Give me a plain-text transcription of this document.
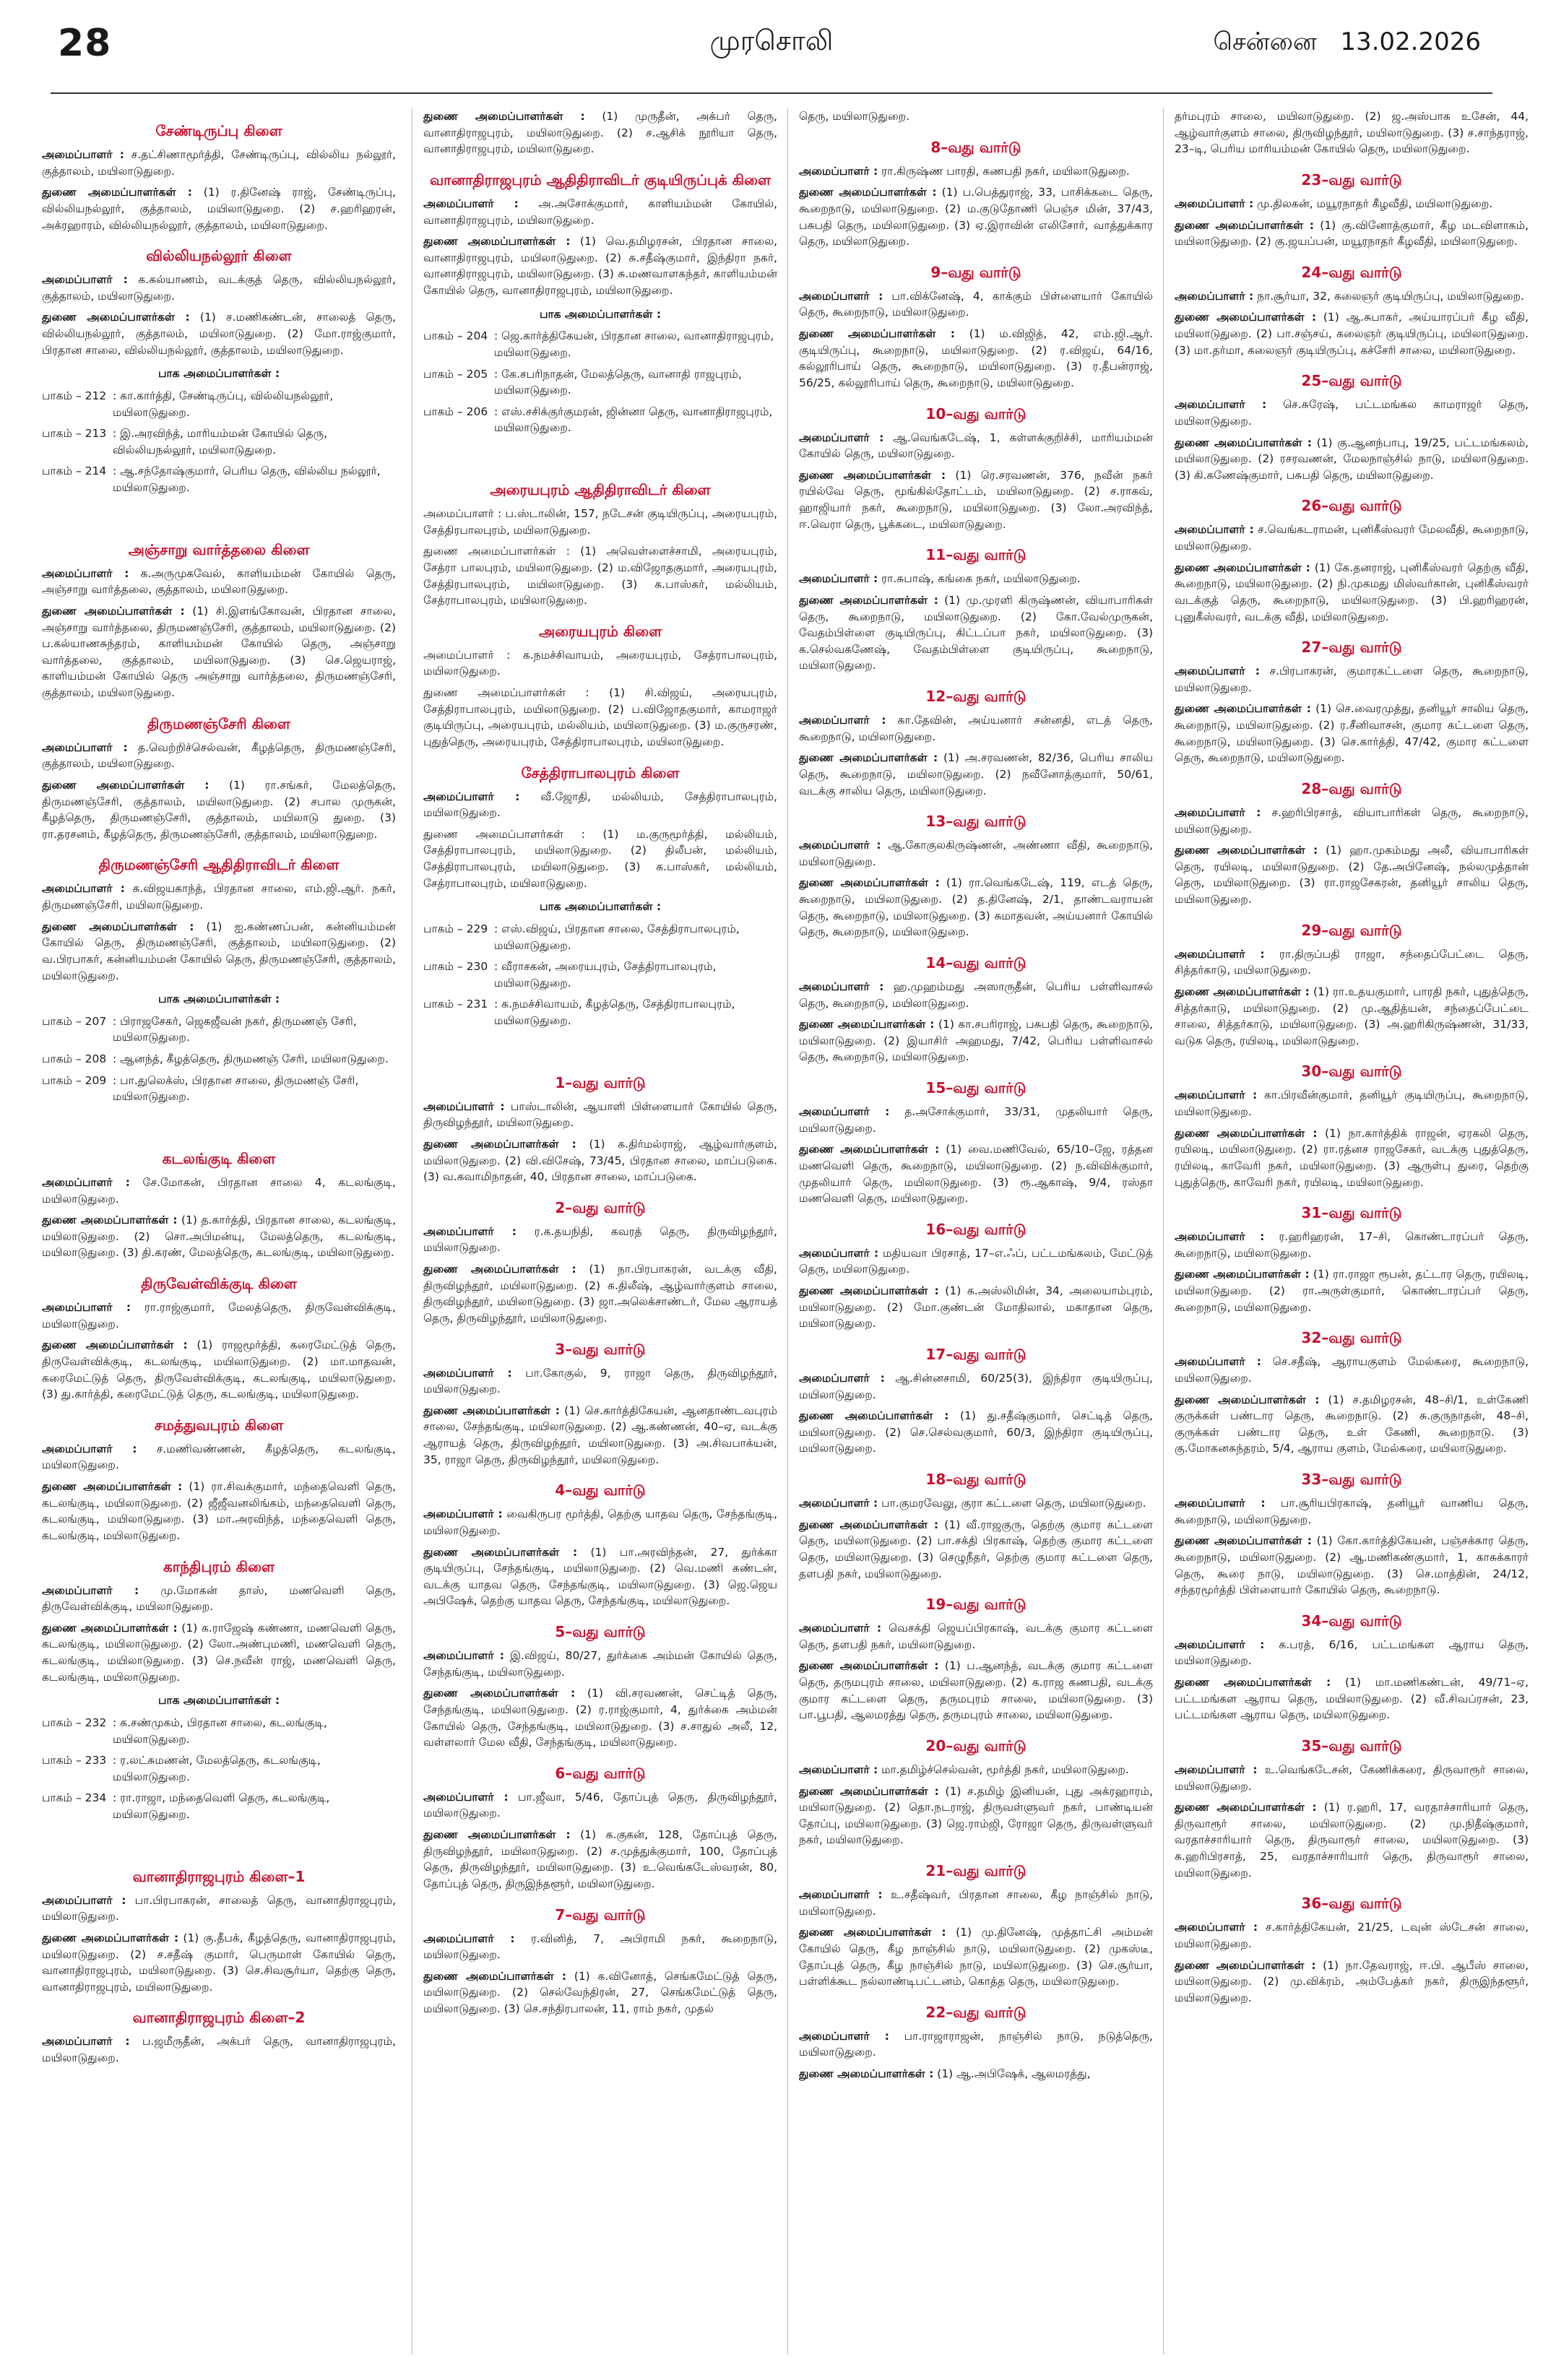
28	முரசொலி	சென்னை 13.02.2026
சேண்டிருப்பு கிளை

அமைப்பாளர் : ச.தட்சிணாமூர்த்தி, சேண்டிருப்பு, வில்லிய நல்லூர், குத்தாலம், மயிலாடுதுறை.

துணை அமைப்பாளர்கள் : (1) ர.தினேஷ் ராஜ், சேண்டிருப்பு, வில்லியநல்லூர், குத்தாலம், மயிலாடுதுறை. (2) ச.ஹரிஹரன், அக்ரஹாரம், வில்லியநல்லூர், குத்தாலம், மயிலாடுதுறை.

வில்லியநல்லூர் கிளை

அமைப்பாளர் : க.கல்யாணம், வடக்குத் தெரு, வில்லியநல்லூர், குத்தாலம், மயிலாடுதுறை.

துணை அமைப்பாளர்கள் : (1) ச.மணிகண்டன், சாலைத் தெரு, வில்லியநல்லூர், குத்தாலம், மயிலாடுதுறை. (2) மோ.ராஜ்குமார், பிரதான சாலை, வில்லியநல்லூர், குத்தாலம், மயிலாடுதுறை.

பாக அமைப்பாளர்கள் :
பாகம் – 212 : கா.கார்த்தி, சேண்டிருப்பு, வில்லியநல்லூர், மயிலாடுதுறை.
பாகம் – 213 : இ.அரவிந்த், மாரியம்மன் கோயில் தெரு, வில்லியநல்லூர், மயிலாடுதுறை.
பாகம் – 214 : ஆ.சந்தோஷ்குமார், பெரிய தெரு, வில்லிய நல்லூர், மயிலாடுதுறை.
அஞ்சாறு வார்த்தலை கிளை

அமைப்பாளர் : க.அருமுகவேல், காளியம்மன் கோயில் தெரு, அஞ்சாறு வார்த்தலை, குத்தாலம், மயிலாடுதுறை.

துணை அமைப்பாளர்கள் : (1) சி.இளங்கோவன், பிரதான சாலை, அஞ்சாறு வார்த்தலை, திருமணஞ்சேரி, குத்தாலம், மயிலாடுதுறை. (2) ப.கல்யாணசுந்தரம், காளியம்மன் கோயில் தெரு, அஞ்சாறு வார்த்தலை, குத்தாலம், மயிலாடுதுறை. (3) செ.ஜெயராஜ், காளியம்மன் கோயில் தெரு அஞ்சாறு வார்த்தலை, திருமணஞ்சேரி, குத்தாலம், மயிலாடுதுறை.

திருமணஞ்சேரி கிளை

அமைப்பாளர் : த.வெற்றிச்செல்வன், கீழத்தெரு, திருமணஞ்சேரி, குத்தாலம், மயிலாடுதுறை.

துணை அமைப்பாளர்கள் : (1) ரா.சங்கர், மேலத்தெரு, திருமணஞ்சேரி, குத்தாலம், மயிலாடுதுறை. (2) சபால முருகன், கீழத்தெரு, திருமணஞ்சேரி, குத்தாலம், மயிலாடு துறை. (3) ரா.தரசனம், கீழத்தெரு, திருமணஞ்சேரி, குத்தாலம், மயிலாடுதுறை.

திருமணஞ்சேரி ஆதிதிராவிடர் கிளை

அமைப்பாளர் : க.விஜயகாந்த், பிரதான சாலை, எம்.ஜி.ஆர். நகர், திருமணஞ்சேரி, மயிலாடுதுறை.

துணை அமைப்பாளர்கள் : (1) ஐ.கண்ணப்பன், கன்னியம்மன் கோயில் தெரு, திருமணஞ்சேரி, குத்தாலம், மயிலாடுதுறை. (2) வ.பிரபாகர், கன்னியம்மன் கோயில் தெரு, திருமணஞ்சேரி, குத்தாலம், மயிலாடுதுறை.

பாக அமைப்பாளர்கள் :
பாகம் – 207 : பிராஜசேகர், ஜெகஜீவன் நகர், திருமணஞ் சேரி, மயிலாடுதுறை.
பாகம் – 208 : ஆனந்த், கீழத்தெரு, திருமணஞ் சேரி, மயிலாடுதுறை.
பாகம் – 209 : பா.துலெக்ஸ், பிரதான சாலை, திருமணஞ் சேரி, மயிலாடுதுறை.
கடலங்குடி கிளை

அமைப்பாளர் : சே.மோகன், பிரதான சாலை 4, கடலங்குடி, மயிலாடுதுறை.

துணை அமைப்பாளர்கள் : (1) த.கார்த்தி, பிரதான சாலை, கடலங்குடி, மயிலாடுதுறை. (2) சொ.அபிமன்யு, மேலத்தெரு, கடலங்குடி, மயிலாடுதுறை. (3) தி.கரண், மேலத்தெரு, கடலங்குடி, மயிலாடுதுறை.

திருவேள்விக்குடி கிளை

அமைப்பாளர் : ரா.ராஜ்குமார், மேலத்தெரு, திருவேள்விக்குடி, மயிலாடுதுறை.

துணை அமைப்பாளர்கள் : (1) ராஜமூர்த்தி, கரைமேட்டுத் தெரு, திருவேள்விக்குடி, கடலங்குடி, மயிலாடுதுறை. (2) மா.மாதவன், கரைமேட்டுத் தெரு, திருவேள்விக்குடி, கடலங்குடி, மயிலாடுதுறை. (3) து.கார்த்தி, கரைமேட்டுத் தெரு, கடலங்குடி, மயிலாடுதுறை.

சமத்துவபுரம் கிளை

அமைப்பாளர் : ச.மணிவண்ணன், கீழத்தெரு, கடலங்குடி, மயிலாடுதுறை.

துணை அமைப்பாளர்கள் : (1) ரா.சிவக்குமார், மந்தைவெளி தெரு, கடலங்குடி, மயிலாடுதுறை. (2) ஜீஜீவனலிங்கம், மந்தைவெளி தெரு, கடலங்குடி, மயிலாடுதுறை. (3) மா.அரவிந்த், மந்தைவெளி தெரு, கடலங்குடி, மயிலாடுதுறை.

காந்திபுரம் கிளை

அமைப்பாளர் : மு.மோகன் தாஸ், மணவெளி தெரு, திருவேள்விக்குடி, மயிலாடுதுறை.

துணை அமைப்பாளர்கள் : (1) க.ராஜேஷ் கண்ணா, மணவெளி தெரு, கடலங்குடி, மயிலாடுதுறை. (2) லோ.அண்புமணி, மணவெளி தெரு, கடலங்குடி, மயிலாடுதுறை. (3) செ.நவீன் ராஜ், மணவெளி தெரு, கடலங்குடி, மயிலாடுதுறை.

பாக அமைப்பாளர்கள் :
பாகம் – 232 : க.சண்முகம், பிரதான சாலை, கடலங்குடி, மயிலாடுதுறை.
பாகம் – 233 : ர.லட்சுமணன், மேலத்தெரு, கடலங்குடி, மயிலாடுதுறை.
பாகம் – 234 : ரா.ராஜா, மந்தைவெளி தெரு, கடலங்குடி, மயிலாடுதுறை.
வானாதிராஜபுரம் கிளை–1

அமைப்பாளர் : பா.பிரபாகரன், சாலைத் தெரு, வானாதிராஜபுரம், மயிலாடுதுறை.

துணை அமைப்பாளர்கள் : (1) கு.தீபக், கீழத்தெரு, வானாதிராஜபுரம், மயிலாடுதுறை. (2) ச.சதீஷ் குமார், பெருமாள் கோயில் தெரு, வானாதிராஜபுரம், மயிலாடுதுறை. (3) செ.சிவசூர்யா, தெற்கு தெரு, வானாதிராஜபுரம், மயிலாடுதுறை.

வானாதிராஜபுரம் கிளை–2

அமைப்பாளர் : ப.ஜமீருதீன், அக்பர் தெரு, வானாதிராஜபுரம், மயிலாடுதுறை.

துணை அமைப்பாளர்கள் : (1) முருதீன், அக்பர் தெரு, வானாதிராஜபுரம், மயிலாடுதுறை. (2) ச.ஆசிக் நூரியா தெரு, வானாதிராஜபுரம், மயிலாடுதுறை.

வானாதிராஜபுரம் ஆதிதிராவிடர் குடியிருப்புக் கிளை

அமைப்பாளர் : அ.அசோக்குமார், காளியம்மன் கோயில், வானாதிராஜபுரம், மயிலாடுதுறை.

துணை அமைப்பாளர்கள் : (1) வெ.தமிழரசன், பிரதான சாலை, வானாதிராஜபுரம், மயிலாடுதுறை. (2) சு.சதீஷ்குமார், இந்திரா நகர், வானாதிராஜபுரம், மயிலாடுதுறை. (3) சு.மணவாளகந்தர், காளியம்மன் கோயில் தெரு, வானாதிராஜபுரம், மயிலாடுதுறை.

பாக அமைப்பாளர்கள் :
பாகம் – 204 : ஜெ.கார்த்திகேயன், பிரதான சாலை, வானாதிராஜபுரம், மயிலாடுதுறை.
பாகம் – 205 : கே.சபரிநாதன், மேலத்தெரு, வானாதி ராஜபுரம், மயிலாடுதுறை.
பாகம் – 206 : எஸ்.சசிக்குர்குமரன், ஜின்னா தெரு, வானாதிராஜபுரம், மயிலாடுதுறை.
அரையபுரம் ஆதிதிராவிடர் கிளை

அமைப்பாளர் : ப.ஸ்டாலின், 157, நடேசன் குடியிருப்பு, அரையபுரம், சேத்திரபாலபுரம், மயிலாடுதுறை.

துணை அமைப்பாளர்கள் : (1) அவெள்ளைச்சாமி, அரையபுரம், சேத்ரா பாலபுரம், மயிலாடுதுறை. (2) ம.விஜோதகுமார், அரையபுரம், சேத்திரபாலபுரம், மயிலாடுதுறை. (3) க.பாஸ்கர், மல்லியம், சேத்ராபாலபுரம், மயிலாடுதுறை.

அரையபுரம் கிளை

அமைப்பாளர் : க.நமச்சிவாயம், அரையபுரம், சேத்ராபாலபுரம், மயிலாடுதுறை.

துணை அமைப்பாளர்கள் : (1) சி.விஜய், அரையபுரம், சேத்திராபாலபுரம், மயிலாடுதுறை. (2) ப.விஜோதகுமார், காமராஜர் குடியிருப்பு, அரையபுரம், மல்லியம், மயிலாடுதுறை. (3) ம.குருசரண், புதுத்தெரு, அரையபுரம், சேத்திராபாலபுரம், மயிலாடுதுறை.

சேத்திராபாலபுரம் கிளை

அமைப்பாளர் : வீ.ஜோதி, மல்லியம், சேத்திராபாலபுரம், மயிலாடுதுறை.

துணை அமைப்பாளர்கள் : (1) ம.குருமூர்த்தி, மல்லியம், சேத்திராபாலபுரம், மயிலாடுதுறை. (2) திலீபன், மல்லியம், சேத்திராபாலபுரம், மயிலாடுதுறை. (3) க.பாஸ்கர், மல்லியம், சேத்ராபாலபுரம், மயிலாடுதுறை.

பாக அமைப்பாளர்கள் :
பாகம் – 229 : எஸ்.விஜய், பிரதான சாலை, சேத்திராபாலபுரம், மயிலாடுதுறை.
பாகம் – 230 : வீராசகன், அரையபுரம், சேத்திராபாலபுரம், மயிலாடுதுறை.
பாகம் – 231 : க.நமச்சிவாயம், கீழத்தெரு, சேத்திராபாலபுரம், மயிலாடுதுறை.
1–வது வார்டு

அமைப்பாளர் : பாஸ்டாலின், ஆயாளி பிள்ளையார் கோயில் தெரு, திருவிழந்தூர், மயிலாடுதுறை.

துணை அமைப்பாளர்கள் : (1) க.திர்மல்ராஜ், ஆழ்வார்குளம், மயிலாடுதுறை. (2) வி.விசேஷ், 73/45, பிரதான சாலை, மாப்படுகை. (3) வ.கவாமிநாதன், 40, பிரதான சாலை, மாப்படுகை.

2–வது வார்டு

அமைப்பாளர் : ர.க.தயநிதி, கவரத் தெரு, திருவிழந்தூர், மயிலாடுதுறை.

துணை அமைப்பாளர்கள் : (1) நா.பிரபாகரன், வடக்கு வீதி, திருவிழந்தூர், மயிலாடுதுறை. (2) க.திலீஷ், ஆழ்வார்குளம் சாலை, திருவிழந்தூர், மயிலாடுதுறை. (3) ஜா.அலெக்சாண்டர், மேல ஆராயத் தெரு, திருவிழந்தூர், மயிலாடுதுறை.

3–வது வார்டு

அமைப்பாளர் : பா.கோகுல், 9, ராஜா தெரு, திருவிழந்தூர், மயிலாடுதுறை.

துணை அமைப்பாளர்கள் : (1) செ.கார்த்திகேயன், ஆனதாண்டவபுரம் சாலை, சேந்தங்குடி, மயிலாடுதுறை. (2) ஆ.கண்ணன், 40–ஏ, வடக்கு ஆராயத் தெரு, திருவிழந்தூர், மயிலாடுதுறை. (3) அ.சிவபாக்யன், 35, ராஜா தெரு, திருவிழந்தூர், மயிலாடுதுறை.

4–வது வார்டு

அமைப்பாளர் : வைகிருபர மூர்த்தி, தெற்கு யாதவ தெரு, சேந்தங்குடி, மயிலாடுதுறை.

துணை அமைப்பாளர்கள் : (1) பா.அரவிந்தன், 27, துர்க்கா குடியிருப்பு, சேந்தங்குடி, மயிலாடுதுறை. (2) வெ.மணி கண்டன், வடக்கு யாதவ தெரு, சேந்தங்குடி, மயிலாடுதுறை. (3) ஜெ.ஜெய அபிஷேக், தெற்கு யாதவ தெரு, சேந்தங்குடி, மயிலாடுதுறை.

5–வது வார்டு

அமைப்பாளர் : இ.விஜய், 80/27, துர்க்கை அம்மன் கோயில் தெரு, சேந்தங்குடி, மயிலாடுதுறை.

துணை அமைப்பாளர்கள் : (1) வி.சரவணன், செட்டித் தெரு, சேந்தங்குடி, மயிலாடுதுறை. (2) ர.ராஜ்குமார், 4, துர்க்கை அம்மன் கோயில் தெரு, சேந்தங்குடி, மயிலாடுதுறை. (3) ச.சாதுல் அலீ, 12, வள்ளலார் மேல வீதி, சேந்தங்குடி, மயிலாடுதுறை.

6–வது வார்டு

அமைப்பாளர் : பா.ஜீவா, 5/46, தோப்புத் தெரு, திருவிழந்தூர், மயிலாடுதுறை.

துணை அமைப்பாளர்கள் : (1) க.குகன், 128, தோப்புத் தெரு, திருவிழந்தூர், மயிலாடுதுறை. (2) ச.முத்துக்குமார், 100, தோப்புத் தெரு, திருவிழந்தூர், மயிலாடுதுறை. (3) உ.வெங்கடேஸ்வரன், 80, தோப்புத் தெரு, திருஇந்தளூர், மயிலாடுதுறை.

7–வது வார்டு

அமைப்பாளர் : ர.வினித், 7, அபிராமி நகர், கூறைநாடு, மயிலாடுதுறை.

துணை அமைப்பாளர்கள் : (1) க.வினோத், செங்கமேட்டுத் தெரு, மயிலாடுதுறை. (2) செல்வேந்திரன், 27, செங்கமேட்டுத் தெரு, மயிலாடுதுறை. (3) செ.சந்திரபாலன், 11, ராம் நகர், முதல்

தெரு, மயிலாடுதுறை.

8–வது வார்டு

அமைப்பாளர் : ரா.கிருஷ்ண பாரதி, கணபதி நகர், மயிலாடுதுறை.

துணை அமைப்பாளர்கள் : (1) ப.பெத்துராஜ், 33, பாசிக்கடை தெரு, கூறைநாடு, மயிலாடுதுறை. (2) ம.குடுதோணி பெஞ்ச மின், 37/43, பசுபதி தெரு, மயிலாடுதுறை. (3) ஏ.இராவின் எலிசோர், வாத்துக்கார தெரு, மயிலாடுதுறை.

9–வது வார்டு

அமைப்பாளர் : பா.விக்னேஷ், 4, காக்கும் பிள்ளையார் கோயில் தெரு, கூறைநாடு, மயிலாடுதுறை.

துணை அமைப்பாளர்கள் : (1) ம.விஜித், 42, எம்.ஜி.ஆர். குடியிருப்பு, கூறைநாடு, மயிலாடுதுறை. (2) ர.விஜய், 64/16, கல்லூரிபாய் தெரு, கூறைநாடு, மயிலாடுதுறை. (3) ர.தீபன்ராஜ், 56/25, கல்லூரிபாய் தெரு, கூறைநாடு, மயிலாடுதுறை.

10–வது வார்டு

அமைப்பாளர் : ஆ.வெங்கடேஷ், 1, கள்ளக்குறிச்சி, மாரியம்மன் கோயில் தெரு, மயிலாடுதுறை.

துணை அமைப்பாளர்கள் : (1) ரெ.சரவணன், 376, நவீன் நகர் ரயில்வே தெரு, மூங்கில்தோட்டம், மயிலாடுதுறை. (2) ச.ராகவ், ஹாஜியார் நகர், கூறைநாடு, மயிலாடுதுறை. (3) லோ.அரவிந்த், ஈ.வெரா தெரு, பூக்கடை, மயிலாடுதுறை.

11–வது வார்டு

அமைப்பாளர் : ரா.சுபாஷ், கங்கை நகர், மயிலாடுதுறை.

துணை அமைப்பாளர்கள் : (1) மு.முரளி கிருஷ்ணன், வியாபாரிகள் தெரு, கூறைநாடு, மயிலாடுதுறை. (2) கோ.வேல்முருகன், வேதம்பிள்ளை குடியிருப்பு, கிட்டப்பா நகர், மயிலாடுதுறை. (3) க.செல்வகணேஷ், வேதம்பிள்ளை குடியிருப்பு, கூறைநாடு, மயிலாடுதுறை.

12–வது வார்டு

அமைப்பாளர் : கா.தேவின், அய்யனார் சன்னதி, எடத் தெரு, கூறைநாடு, மயிலாடுதுறை.

துணை அமைப்பாளர்கள் : (1) அ.சரவணன், 82/36, பெரிய சாலிய தெரு, கூறைநாடு, மயிலாடுதுறை. (2) நவீனோத்குமார், 50/61, வடக்கு சாலிய தெரு, மயிலாடுதுறை.

13–வது வார்டு

அமைப்பாளர் : ஆ.கோகுலகிருஷ்ணன், அண்ணா வீதி, கூறைநாடு, மயிலாடுதுறை.

துணை அமைப்பாளர்கள் : (1) ரா.வெங்கடேஷ், 119, எடத் தெரு, கூறைநாடு, மயிலாடுதுறை. (2) த.தினேஷ், 2/1, தாண்டவராயன் தெரு, கூறைநாடு, மயிலாடுதுறை. (3) சுமாதவன், அய்யனார் கோயில் தெரு, கூறைநாடு, மயிலாடுதுறை.

14–வது வார்டு

அமைப்பாளர் : ஹ.முஹம்மது அஸாருதீன், பெரிய பள்ளிவாசல் தெரு, கூறைநாடு, மயிலாடுதுறை.

துணை அமைப்பாளர்கள் : (1) கா.சபரிராஜ், பசுபதி தெரு, கூறைநாடு, மயிலாடுதுறை. (2) இயாசிர் அஹமது, 7/42, பெரிய பள்ளிவாசல் தெரு, கூறைநாடு, மயிலாடுதுறை.

15–வது வார்டு

அமைப்பாளர் : த.அசோக்குமார், 33/31, முதலியார் தெரு, மயிலாடுதுறை.

துணை அமைப்பாளர்கள் : (1) வை.மணிவேல், 65/10–ஜே, ரத்தன மணவெளி தெரு, கூறைநாடு, மயிலாடுதுறை. (2) ந.விவிக்குமார், முதலியார் தெரு, மயிலாடுதுறை. (3) ரூ.ஆகாஷ், 9/4, ரஸ்தா மணவெளி தெரு, மயிலாடுதுறை.

16–வது வார்டு

அமைப்பாளர் : மதியவா பிரசாத், 17–எ.ஃப், பட்டமங்கலம், மேட்டுத் தெரு, மயிலாடுதுறை.

துணை அமைப்பாளர்கள் : (1) க.அஸ்லிமின், 34, அலையாம்புரம், மயிலாடுதுறை. (2) மோ.குண்டன் மோதிலால், மகாதான தெரு, மயிலாடுதுறை.

17–வது வார்டு

அமைப்பாளர் : ஆ.சின்னசாமி, 60/25(3), இந்திரா குடியிருப்பு, மயிலாடுதுறை.

துணை அமைப்பாளர்கள் : (1) து.சதீஷ்குமார், செட்டித் தெரு, மயிலாடுதுறை. (2) செ.செல்வகுமார், 60/3, இந்திரா குடியிருப்பு, மயிலாடுதுறை.

18–வது வார்டு

அமைப்பாளர் : பா.குமரவேலு, குரா கட்டளை தெரு, மயிலாடுதுறை.

துணை அமைப்பாளர்கள் : (1) வீ.ராஜகுரு, தெற்கு குமார கட்டளை தெரு, மயிலாடுதுறை. (2) பா.சக்தி பிரகாஷ், தெற்கு குமார கட்டளை தெரு, மயிலாடுதுறை. (3) செழுநீதர், தெற்கு குமார கட்டளை தெரு, தளபதி நகர், மயிலாடுதுறை.

19–வது வார்டு

அமைப்பாளர் : வெசக்தி ஜெயப்பிரகாஷ், வடக்கு குமார கட்டளை தெரு, தளபதி நகர், மயிலாடுதுறை.

துணை அமைப்பாளர்கள் : (1) ப.ஆனந்த், வடக்கு குமார கட்டளை தெரு, தருமபுரம் சாலை, மயிலாடுதுறை. (2) க.ராஜ கணபதி, வடக்கு குமார கட்டளை தெரு, தருமபுரம் சாலை, மயிலாடுதுறை. (3) பா.பூபதி, ஆலமரத்து தெரு, தருமபுரம் சாலை, மயிலாடுதுறை.

20–வது வார்டு

அமைப்பாளர் : மா.தமிழ்ச்செல்வன், மூர்த்தி நகர், மயிலாடுதுறை.

துணை அமைப்பாளர்கள் : (1) ச.தமிழ் இனியன், புது அக்ரஹாரம், மயிலாடுதுறை. (2) தொ.நடராஜ், திருவள்ளுவர் நகர், பாண்டியன் தோப்பு, மயிலாடுதுறை. (3) ஜெ.ராம்ஜி, ரோஜா தெரு, திருவள்ளுவர் நகர், மயிலாடுதுறை.

21–வது வார்டு

அமைப்பாளர் : உ.சதீஷ்வர், பிரதான சாலை, கீழ நாஞ்சில் நாடு, மயிலாடுதுறை.

துணை அமைப்பாளர்கள் : (1) மு.தினேஷ், முத்தாட்சி அம்மன் கோயில் தெரு, கீழ நாஞ்சில் நாடு, மயிலாடுதுறை. (2) முகஸ்டீ, தோப்புத் தெரு, கீழ நாஞ்சில் நாடு, மயிலாடுதுறை. (3) செ.சூர்யா, பள்ளிக்கூட நல்லாண்டிபட்டனம், கொத்த தெரு, மயிலாடுதுறை.

22–வது வார்டு

அமைப்பாளர் : பா.ராஜாராஜன், நாஞ்சில் நாடு, நடுத்தெரு, மயிலாடுதுறை.

துணை அமைப்பாளர்கள் : (1) ஆ.அபிஷேக், ஆலமரத்து,

தர்மபுரம் சாலை, மயிலாடுதுறை. (2) ஜ.அஸ்பாக உசேன், 44, ஆழ்வார்குளம் சாலை, திருவிழந்தூர், மயிலாடுதுறை. (3) ச.சாந்தராஜ், 23–டி, பெரிய மாரியம்மன் கோயில் தெரு, மயிலாடுதுறை.

23–வது வார்டு

அமைப்பாளர் : மு.திலகன், மயூரநாதர் கீழவீதி, மயிலாடுதுறை.

துணை அமைப்பாளர்கள் : (1) கு.வினோத்குமார், கீழ மடவிளாகம், மயிலாடுதுறை. (2) கு.ஜயப்பன், மயூரநாதர் கீழவீதி, மயிலாடுதுறை.

24–வது வார்டு

அமைப்பாளர் : நா.சூர்யா, 32, கலைஞர் குடியிருப்பு, மயிலாடுதுறை.

துணை அமைப்பாளர்கள் : (1) ஆ.சுபாகர், அய்யாரப்பர் கீழ வீதி, மயிலாடுதுறை. (2) பா.சஞ்சய், கலைஞர் குடியிருப்பு, மயிலாடுதுறை. (3) மா.தர்மா, கலைஞர் குடியிருப்பு, கச்சேரி சாலை, மயிலாடுதுறை.

25–வது வார்டு

அமைப்பாளர் : செ.சுரேஷ், பட்டமங்கல காமராஜர் தெரு, மயிலாடுதுறை.

துணை அமைப்பாளர்கள் : (1) கு.ஆனந்பாபு, 19/25, பட்டமங்கலம், மயிலாடுதுறை. (2) ரசரவணன், மேலநாஞ்சில் நாடு, மயிலாடுதுறை. (3) கி.கணேஷ்குமார், பசுபதி தெரு, மயிலாடுதுறை.

26–வது வார்டு

அமைப்பாளர் : ச.வெங்கடராமன், புனிகீஸ்வரர் மேலவீதி, கூறைநாடு, மயிலாடுதுறை.

துணை அமைப்பாளர்கள் : (1) கே.தனராஜ், புனிகீஸ்வரர் தெற்கு வீதி, கூறைநாடு, மயிலாடுதுறை. (2) நி.முகமது மிஸ்வர்கான், புனிகீஸ்வரர் வடக்குத் தெரு, கூறைநாடு, மயிலாடுதுறை. (3) பி.ஹரிஹரன், புனுகீஸ்வரர், வடக்கு வீதி, மயிலாடுதுறை.

27–வது வார்டு

அமைப்பாளர் : ச.பிரபாகரன், குமாரகட்டளை தெரு, கூறைநாடு, மயிலாடுதுறை.

துணை அமைப்பாளர்கள் : (1) செ.வைரமுத்து, தனியூர் சாலிய தெரு, கூறைநாடு, மயிலாடுதுறை. (2) ர.சீனிவாசன், குமார கட்டளை தெரு, கூறைநாடு, மயிலாடுதுறை. (3) செ.கார்த்தி, 47/42, குமார கட்டளை தெரு, கூறைநாடு, மயிலாடுதுறை.

28–வது வார்டு

அமைப்பாளர் : ச.ஹரிபிரசாத், வியாபாரிகள் தெரு, கூறைநாடு, மயிலாடுதுறை.

துணை அமைப்பாளர்கள் : (1) ஹா.முகம்மது அலீ, வியாபாரிகள் தெரு, ரயிலடி, மயிலாடுதுறை. (2) தே.அபினேஷ், நல்லமுத்தான் தெரு, மயிலாடுதுறை. (3) ரா.ராஜசேகரன், தனியூர் சாலிய தெரு, மயிலாடுதுறை.

29–வது வார்டு

அமைப்பாளர் : ரா.திருப்பதி ராஜா, சந்தைப்பேட்டை தெரு, சித்தர்காடு, மயிலாடுதுறை.

துணை அமைப்பாளர்கள் : (1) ரா.உதயகுமார், பாரதி நகர், புதுத்தெரு, சித்தர்காடு, மயிலாடுதுறை. (2) மு.ஆதித்யன், சந்தைப்பேட்டை சாலை, சித்தர்காடு, மயிலாடுதுறை. (3) அ.ஹரிகிருஷ்ணன், 31/33, வடுக தெரு, ரயிலடி, மயிலாடுதுறை.

30–வது வார்டு

அமைப்பாளர் : கா.பிரவீன்குமார், தனியூர் குடியிருப்பு, கூறைநாடு, மயிலாடுதுறை.

துணை அமைப்பாளர்கள் : (1) நா.கார்த்திக் ராஜன், ஏரகலி தெரு, ரயிலடி, மயிலாடுதுறை. (2) ரா.ரத்னச ராஜசேகர், வடக்கு புதுத்தெரு, ரயிலடி, காவேரி நகர், மயிலாடுதுறை. (3) ஆருள்பு துரை, தெற்கு புதுத்தெரு, காவேரி நகர், ரயிலடி, மயிலாடுதுறை.

31–வது வார்டு

அமைப்பாளர் : ர.ஹரிஹரன், 17–சி, கொண்டாரப்பர் தெரு, கூறைநாடு, மயிலாடுதுறை.

துணை அமைப்பாளர்கள் : (1) ரா.ராஜா ரூபன், தட்டார தெரு, ரயிலடி, மயிலாடுதுறை. (2) ரா.அருள்குமார், கொண்டாரப்பர் தெரு, கூறைநாடு, மயிலாடுதுறை.

32–வது வார்டு

அமைப்பாளர் : செ.சதீஷ், ஆராயகுளம் மேல்கரை, கூறைநாடு, மயிலாடுதுறை.

துணை அமைப்பாளர்கள் : (1) ச.தமிழரசன், 48–சி/1, உள்கேணி குருக்கள் பண்டார தெரு, கூறைநாடு. (2) சு.குருநாதன், 48–சி, குருக்கள் பண்டார தெரு, உள் கேணி, கூறைநாடு. (3) கு.மோகனசுந்தரம், 5/4, ஆராய குளம், மேல்கரை, மயிலாடுதுறை.

33–வது வார்டு

அமைப்பாளர் : பா.சூரியபிரகாஷ், தனியூர் வாணிய தெரு, கூறைநாடு, மயிலாடுதுறை.

துணை அமைப்பாளர்கள் : (1) கோ.கார்த்திகேயன், பஞ்சக்கார தெரு, கூறைநாடு, மயிலாடுதுறை. (2) ஆ.மணிகண்குமார், 1, காசுக்காரர் தெரு, கூரை நாடு, மயிலாடுதுறை. (3) செ.மாத்தின், 24/12, சந்தரமூர்த்தி பிள்ளையார் கோயில் தெரு, கூறைநாடு.

34–வது வார்டு

அமைப்பாளர் : க.பரத், 6/16, பட்டமங்கள ஆராய தெரு, மயிலாடுதுறை.

துணை அமைப்பாளர்கள் : (1) மா.மணிகண்டன், 49/71–ஏ, பட்டமங்கள ஆராய தெரு, மயிலாடுதுறை. (2) வீ.சிவப்ரசன், 23, பட்டமங்கள ஆராய தெரு, மயிலாடுதுறை.

35–வது வார்டு

அமைப்பாளர் : உ.வெங்கடேசன், கேணிக்கரை, திருவாரூர் சாலை, மயிலாடுதுறை.

துணை அமைப்பாளர்கள் : (1) ர.ஹரி, 17, வரதாச்சாரியார் தெரு, திருவாரூர் சாலை, மயிலாடுதுறை. (2) மு.நிதீஷ்குமார், வரதாச்சாரியார் தெரு, திருவாரூர் சாலை, மயிலாடுதுறை. (3) க.ஹரிபிரசாத், 25, வரதாச்சாரியார் தெரு, திருவாரூர் சாலை, மயிலாடுதுறை.

36–வது வார்டு

அமைப்பாளர் : ச.கார்த்திகேயன், 21/25, டவுன் ஸ்டேசன் சாலை, மயிலாடுதுறை.

துணை அமைப்பாளர்கள் : (1) நா.தேவராஜ், ஈ.பி. ஆபீஸ் சாலை, மயிலாடுதுறை. (2) மு.விக்ரம், அம்பேத்கர் நகர், திருஇந்தளூர், மயிலாடுதுறை.
